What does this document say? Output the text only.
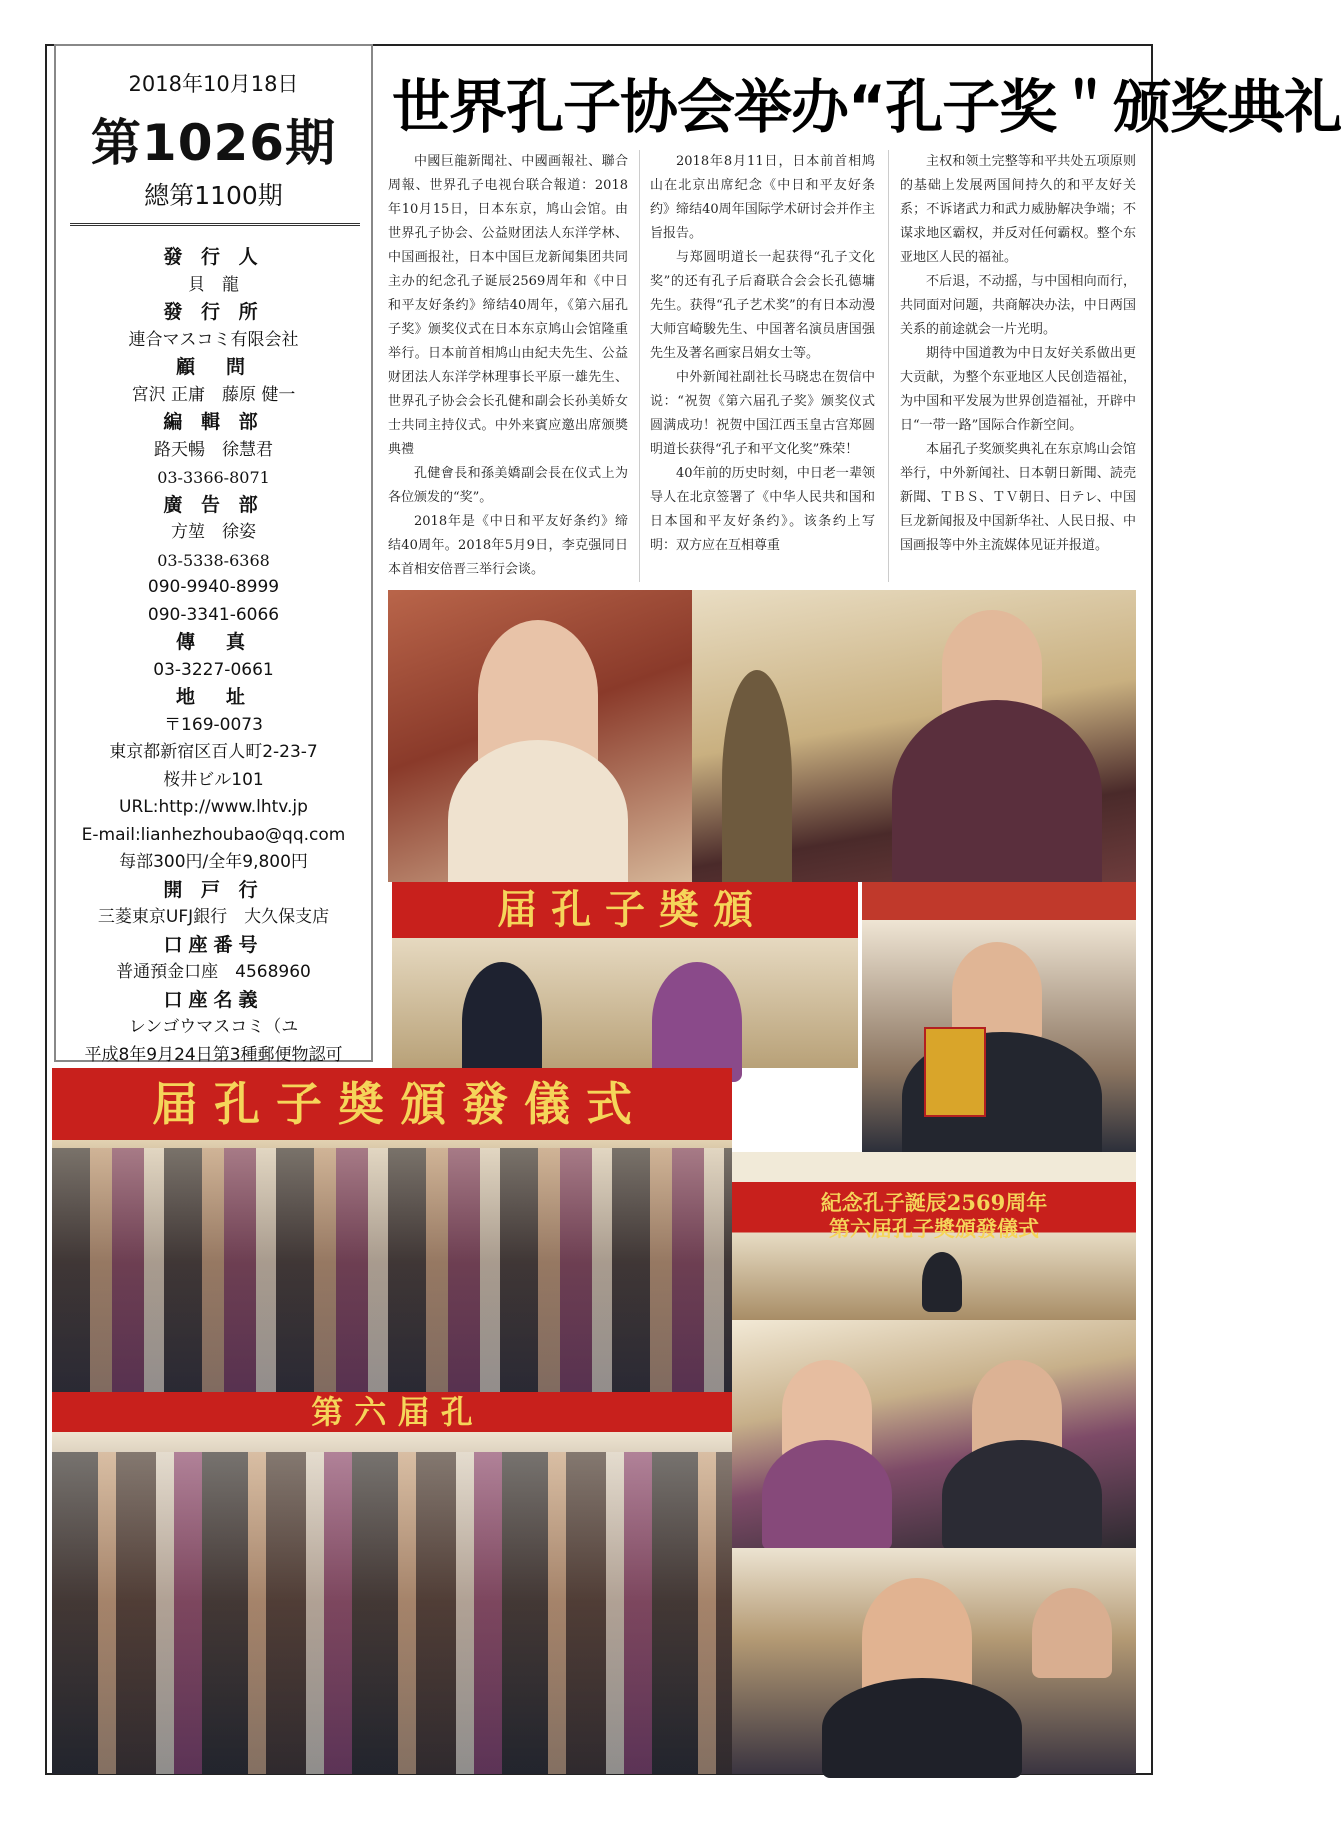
2018年10月18日
第1026期
總第1100期
發 行 人
貝　龍
發 行 所
連合マスコミ有限会社
顧　問
宮沢 正庸　藤原 健一
編 輯 部
路天暢　徐慧君
03-3366-8071
廣 告 部
方堃　徐姿
03-5338-6368
090-9940-8999
090-3341-6066
傳　真
03-3227-0661
地　址
〒169-0073
東京都新宿区百人町2-23-7
桜井ビル101
URL:http://www.lhtv.jp
E-mail:lianhezhoubao@qq.com
每部300円/全年9,800円
開 戸 行
三菱東京UFJ銀行　大久保支店
口座番号
普通預金口座　4568960
口座名義
レンゴウマスコミ（ユ
平成8年9月24日第3種郵便物認可
世界孔子协会举办“孔子奖＂颁奖典礼

中國巨龍新聞社、中國画報社、聯合周報、世界孔子电视台联合報道：2018年10月15日，日本东京，鸠山会馆。由世界孔子协会、公益财团法人东洋学林、中国画报社，日本中国巨龙新闻集团共同主办的纪念孔子诞辰2569周年和《中日和平友好条约》缔结40周年，《第六届孔子奖》颁奖仪式在日本东京鸠山会馆隆重举行。日本前首相鸠山由紀夫先生、公益财团法人东洋学林理事长平原一雄先生、世界孔子协会会长孔健和副会长孙美娇女士共同主持仪式。中外来賓应邀出席颁奬典禮

孔健會長和孫美嬌副会長在仪式上为各位颁发的“奖”。

2018年是《中日和平友好条约》缔结40周年。2018年5月9日，李克强同日本首相安倍晋三举行会谈。

2018年8月11日，日本前首相鸠山在北京出席纪念《中日和平友好条约》缔结40周年国际学术研讨会并作主旨报告。

与郑圆明道长一起获得“孔子文化奖”的还有孔子后裔联合会会长孔德墉先生。获得“孔子艺术奖”的有日本动漫大师宫崎駿先生、中国著名演员唐国强先生及著名画家吕娟女士等。

中外新闻社副社长马晓忠在贺信中说：“祝贺《第六届孔子奖》颁奖仪式圆满成功！祝贺中国江西玉皇古宫郑圆明道长获得“孔子和平文化奖”殊荣！

40年前的历史时刻，中日老一辈领导人在北京签署了《中华人民共和国和日本国和平友好条约》。该条约上写明：双方应在互相尊重

主权和领土完整等和平共处五项原则的基础上发展两国间持久的和平友好关系；不诉诸武力和武力威胁解决争端；不谋求地区霸权，并反对任何霸权。整个东亚地区人民的福祉。

不后退，不动摇，与中国相向而行，共同面对问题，共商解决办法，中日两国关系的前途就会一片光明。

期待中国道教为中日友好关系做出更大贡献，为整个东亚地区人民创造福祉，为中国和平发展为世界创造福祉，开辟中日“一带一路”国际合作新空间。

本届孔子奖颁奖典礼在东京鸠山会馆举行，中外新闻社、日本朝日新聞、読売新聞、ＴＢＳ、ＴＶ朝日、日テレ、中国巨龙新闻报及中国新华社、人民日报、中国画报等中外主流媒体见证并报道。

届 孔 子 奬 頒
届 孔 子 奬 頒 發 儀 式
紀念孔子誕辰2569周年
第六届孔子奬頒發儀式
第 六 届 孔
